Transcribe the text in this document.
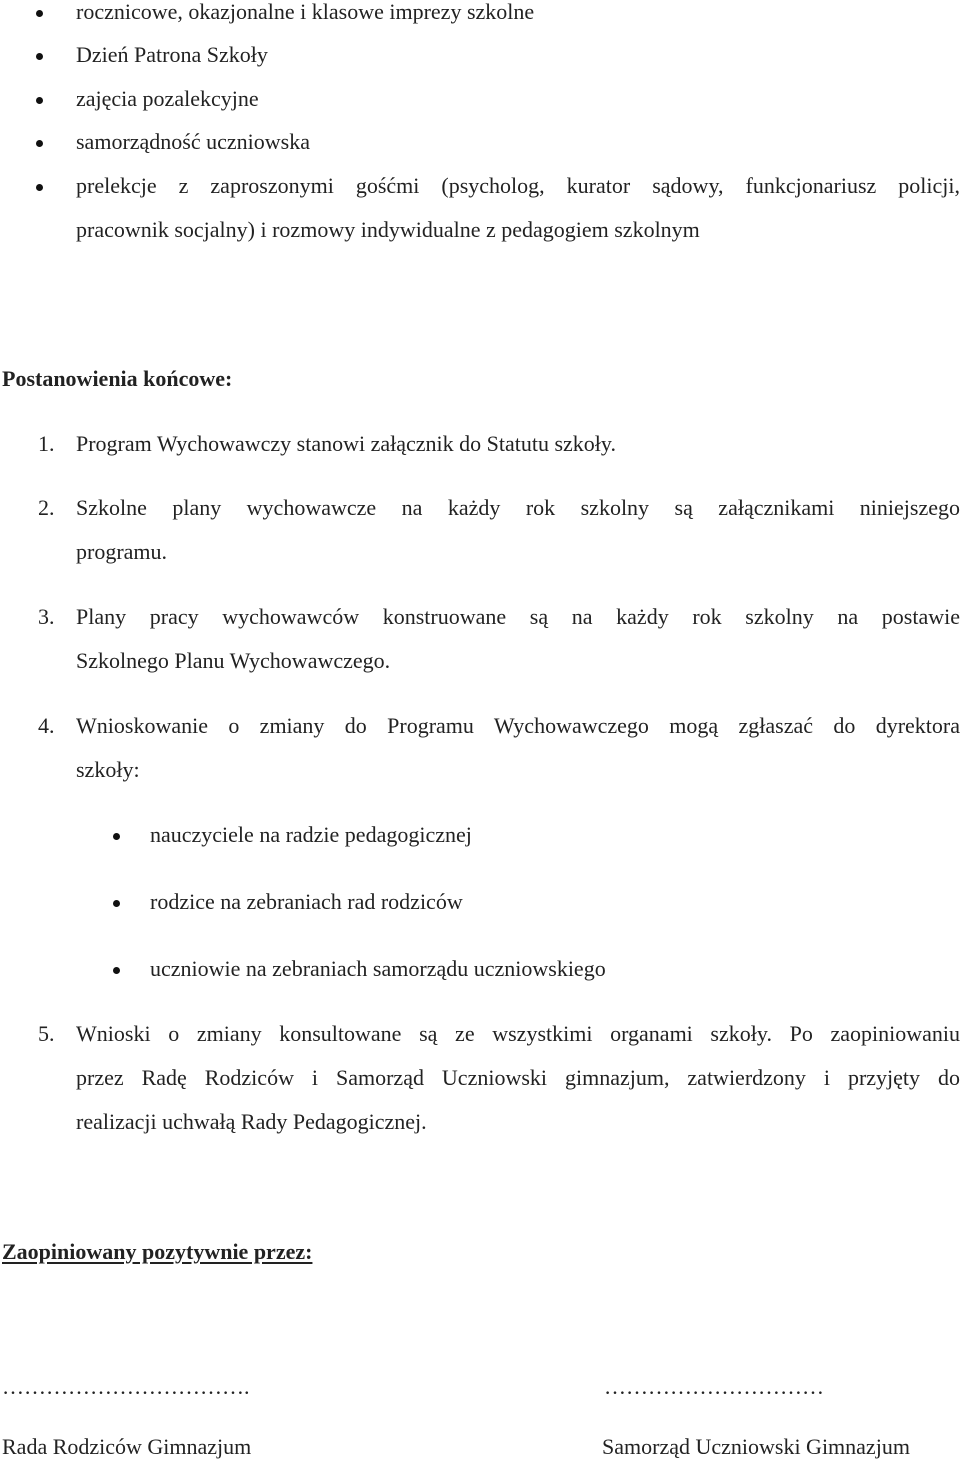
rocznicowe, okazjonalne i klasowe imprezy szkolne
Dzień Patrona Szkoły
zajęcia pozalekcyjne
samorządność uczniowska
prelekcje z zaproszonymi gośćmi (psycholog, kurator sądowy, funkcjonariusz policji,
pracownik socjalny) i rozmowy indywidualne z pedagogiem szkolnym
Postanowienia końcowe:
1. Program Wychowawczy stanowi załącznik do Statutu szkoły.
2. Szkolne plany wychowawcze na każdy rok szkolny są załącznikami niniejszego
programu.
3. Plany pracy wychowawców konstruowane są na każdy rok szkolny na postawie
Szkolnego Planu Wychowawczego.
4. Wnioskowanie o zmiany do Programu Wychowawczego mogą zgłaszać do dyrektora
szkoły:
nauczyciele na radzie pedagogicznej
rodzice na zebraniach rad rodziców
uczniowie na zebraniach samorządu uczniowskiego
5. Wnioski o zmiany konsultowane są ze wszystkimi organami szkoły. Po zaopiniowaniu
przez Radę Rodziców i Samorząd Uczniowski gimnazjum, zatwierdzony i przyjęty do
realizacji uchwałą Rady Pedagogicznej.
Zaopiniowany pozytywnie przez:
…………………………….	…………………………
Rada Rodziców Gimnazjum	Samorząd Uczniowski Gimnazjum
